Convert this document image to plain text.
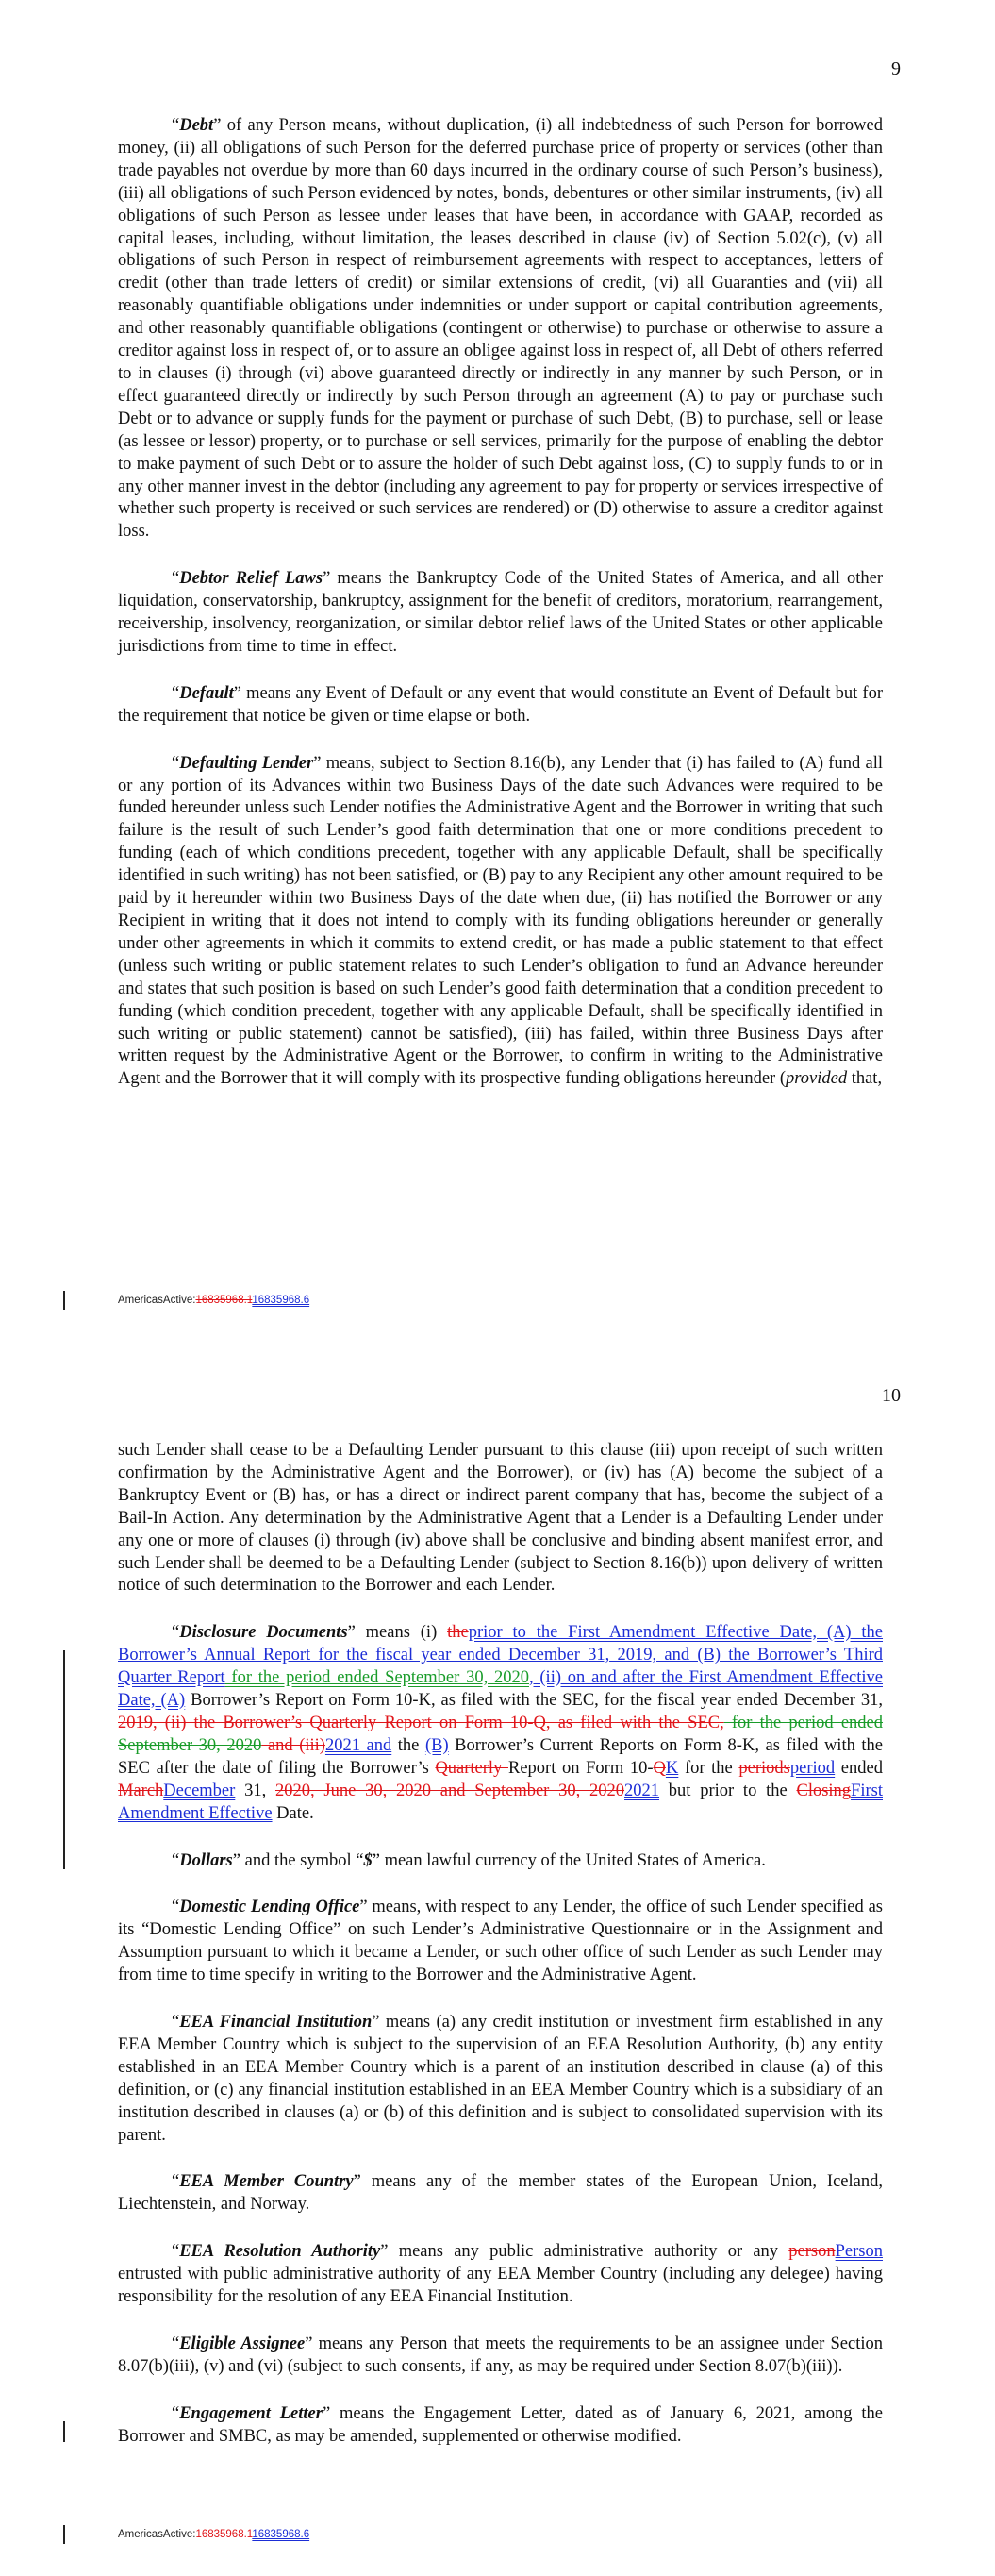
9

“Debt” of any Person means, without duplication, (i) all indebtedness of such Person for borrowed money, (ii) all obligations of such Person for the deferred purchase price of property or services (other than trade payables not overdue by more than 60 days incurred in the ordinary course of such Person’s business), (iii) all obligations of such Person evidenced by notes, bonds, debentures or other similar instruments, (iv) all obligations of such Person as lessee under leases that have been, in accordance with GAAP, recorded as capital leases, including, without limitation, the leases described in clause (iv) of Section 5.02(c), (v) all obligations of such Person in respect of reimbursement agreements with respect to acceptances, letters of credit (other than trade letters of credit) or similar extensions of credit, (vi) all Guaranties and (vii) all reasonably quantifiable obligations under indemnities or under support or capital contribution agreements, and other reasonably quantifiable obligations (contingent or otherwise) to purchase or otherwise to assure a creditor against loss in respect of, or to assure an obligee against loss in respect of, all Debt of others referred to in clauses (i) through (vi) above guaranteed directly or indirectly in any manner by such Person, or in effect guaranteed directly or indirectly by such Person through an agreement (A) to pay or purchase such Debt or to advance or supply funds for the payment or purchase of such Debt, (B) to purchase, sell or lease (as lessee or lessor) property, or to purchase or sell services, primarily for the purpose of enabling the debtor to make payment of such Debt or to assure the holder of such Debt against loss, (C) to supply funds to or in any other manner invest in the debtor (including any agreement to pay for property or services irrespective of whether such property is received or such services are rendered) or (D) otherwise to assure a creditor against loss.

“Debtor Relief Laws” means the Bankruptcy Code of the United States of America, and all other liquidation, conservatorship, bankruptcy, assignment for the benefit of creditors, moratorium, rearrangement, receivership, insolvency, reorganization, or similar debtor relief laws of the United States or other applicable jurisdictions from time to time in effect.

“Default” means any Event of Default or any event that would constitute an Event of Default but for the requirement that notice be given or time elapse or both.

“Defaulting Lender” means, subject to Section 8.16(b), any Lender that (i) has failed to (A) fund all or any portion of its Advances within two Business Days of the date such Advances were required to be funded hereunder unless such Lender notifies the Administrative Agent and the Borrower in writing that such failure is the result of such Lender’s good faith determination that one or more conditions precedent to funding (each of which conditions precedent, together with any applicable Default, shall be specifically identified in such writing) has not been satisfied, or (B) pay to any Recipient any other amount required to be paid by it hereunder within two Business Days of the date when due, (ii) has notified the Borrower or any Recipient in writing that it does not intend to comply with its funding obligations hereunder or generally under other agreements in which it commits to extend credit, or has made a public statement to that effect (unless such writing or public statement relates to such Lender’s obligation to fund an Advance hereunder and states that such position is based on such Lender’s good faith determination that a condition precedent to funding (which condition precedent, together with any applicable Default, shall be specifically identified in such writing or public statement) cannot be satisfied), (iii) has failed, within three Business Days after written request by the Administrative Agent or the Borrower, to confirm in writing to the Administrative Agent and the Borrower that it will comply with its prospective funding obligations hereunder (provided that,

AmericasActive:16835968.116835968.6
10

such Lender shall cease to be a Defaulting Lender pursuant to this clause (iii) upon receipt of such written confirmation by the Administrative Agent and the Borrower), or (iv) has (A) become the subject of a Bankruptcy Event or (B) has, or has a direct or indirect parent company that has, become the subject of a Bail-In Action. Any determination by the Administrative Agent that a Lender is a Defaulting Lender under any one or more of clauses (i) through (iv) above shall be conclusive and binding absent manifest error, and such Lender shall be deemed to be a Defaulting Lender (subject to Section 8.16(b)) upon delivery of written notice of such determination to the Borrower and each Lender.

“Disclosure Documents” means (i) theprior to the First Amendment Effective Date, (A) the Borrower’s Annual Report for the fiscal year ended December 31, 2019, and (B) the Borrower’s Third Quarter Report for the period ended September 30, 2020, (ii) on and after the First Amendment Effective Date, (A) Borrower’s Report on Form 10-K, as filed with the SEC, for the fiscal year ended December 31, 2019, (ii) the Borrower’s Quarterly Report on Form 10-Q, as filed with the SEC, for the period ended September 30, 2020 and (iii)2021 and the (B) Borrower’s Current Reports on Form 8-K, as filed with the SEC after the date of filing the Borrower’s Quarterly Report on Form 10-QK for the periodsperiod ended MarchDecember 31, 2020, June 30, 2020 and September 30, 20202021 but prior to the ClosingFirst Amendment Effective Date.

“Dollars” and the symbol “$” mean lawful currency of the United States of America.

“Domestic Lending Office” means, with respect to any Lender, the office of such Lender specified as its “Domestic Lending Office” on such Lender’s Administrative Questionnaire or in the Assignment and Assumption pursuant to which it became a Lender, or such other office of such Lender as such Lender may from time to time specify in writing to the Borrower and the Administrative Agent.

“EEA Financial Institution” means (a) any credit institution or investment firm established in any EEA Member Country which is subject to the supervision of an EEA Resolution Authority, (b) any entity established in an EEA Member Country which is a parent of an institution described in clause (a) of this definition, or (c) any financial institution established in an EEA Member Country which is a subsidiary of an institution described in clauses (a) or (b) of this definition and is subject to consolidated supervision with its parent.

“EEA Member Country” means any of the member states of the European Union, Iceland, Liechtenstein, and Norway.

“EEA Resolution Authority” means any public administrative authority or any personPerson entrusted with public administrative authority of any EEA Member Country (including any delegee) having responsibility for the resolution of any EEA Financial Institution.

“Eligible Assignee” means any Person that meets the requirements to be an assignee under Section 8.07(b)(iii), (v) and (vi) (subject to such consents, if any, as may be required under Section 8.07(b)(iii)).

“Engagement Letter” means the Engagement Letter, dated as of January 6, 2021, among the Borrower and SMBC, as may be amended, supplemented or otherwise modified.

AmericasActive:16835968.116835968.6
